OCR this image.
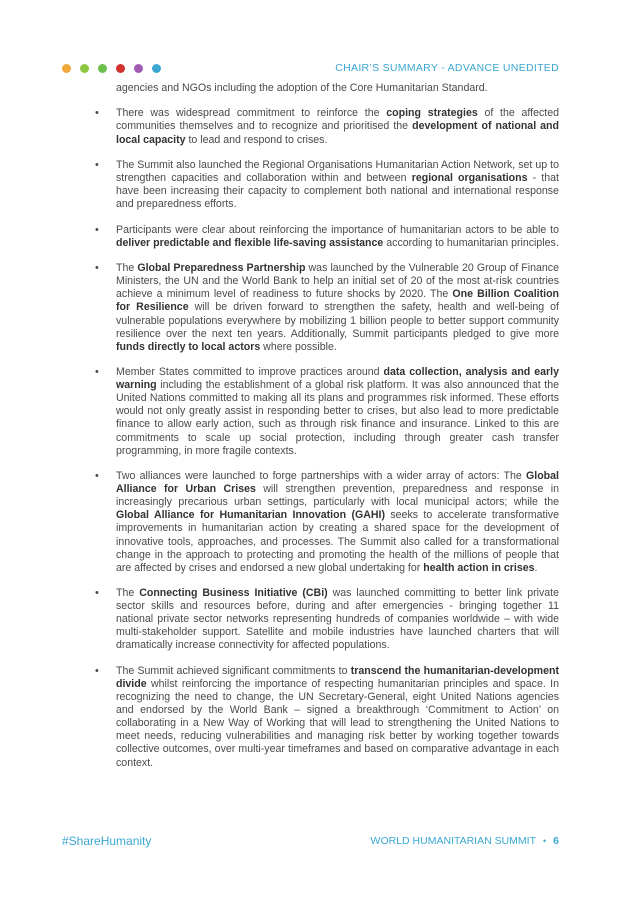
CHAIR’S SUMMARY - ADVANCE UNEDITED

agencies and NGOs including the adoption of the Core Humanitarian Standard.

• There was widespread commitment to reinforce the coping strategies of the affected communities themselves and to recognize and prioritised the development of national and local capacity to lead and respond to crises.
• The Summit also launched the Regional Organisations Humanitarian Action Network, set up to strengthen capacities and collaboration within and between regional organisations - that have been increasing their capacity to complement both national and international response and preparedness efforts.
• Participants were clear about reinforcing the importance of humanitarian actors to be able to deliver predictable and flexible life-saving assistance according to humanitarian principles.
• The Global Preparedness Partnership was launched by the Vulnerable 20 Group of Finance Ministers, the UN and the World Bank to help an initial set of 20 of the most at-risk countries achieve a minimum level of readiness to future shocks by 2020. The One Billion Coalition for Resilience will be driven forward to strengthen the safety, health and well-being of vulnerable populations everywhere by mobilizing 1 billion people to better support community resilience over the next ten years. Additionally, Summit participants pledged to give more funds directly to local actors where possible.
• Member States committed to improve practices around data collection, analysis and early warning including the establishment of a global risk platform. It was also announced that the United Nations committed to making all its plans and programmes risk informed. These efforts would not only greatly assist in responding better to crises, but also lead to more predictable finance to allow early action, such as through risk finance and insurance. Linked to this are commitments to scale up social protection, including through greater cash transfer programming, in more fragile contexts.
• Two alliances were launched to forge partnerships with a wider array of actors: The Global Alliance for Urban Crises will strengthen prevention, preparedness and response in increasingly precarious urban settings, particularly with local municipal actors; while the Global Alliance for Humanitarian Innovation (GAHI) seeks to accelerate transformative improvements in humanitarian action by creating a shared space for the development of innovative tools, approaches, and processes. The Summit also called for a transformational change in the approach to protecting and promoting the health of the millions of people that are affected by crises and endorsed a new global undertaking for health action in crises.
• The Connecting Business Initiative (CBi) was launched committing to better link private sector skills and resources before, during and after emergencies - bringing together 11 national private sector networks representing hundreds of companies worldwide – with wide multi-stakeholder support. Satellite and mobile industries have launched charters that will dramatically increase connectivity for affected populations.
• The Summit achieved significant commitments to transcend the humanitarian-development divide whilst reinforcing the importance of respecting humanitarian principles and space. In recognizing the need to change, the UN Secretary-General, eight United Nations agencies and endorsed by the World Bank – signed a breakthrough ‘Commitment to Action’ on collaborating in a New Way of Working that will lead to strengthening the United Nations to meet needs, reducing vulnerabilities and managing risk better by working together towards collective outcomes, over multi-year timeframes and based on comparative advantage in each context.
#ShareHumanity	WORLD HUMANITARIAN SUMMIT • 6
